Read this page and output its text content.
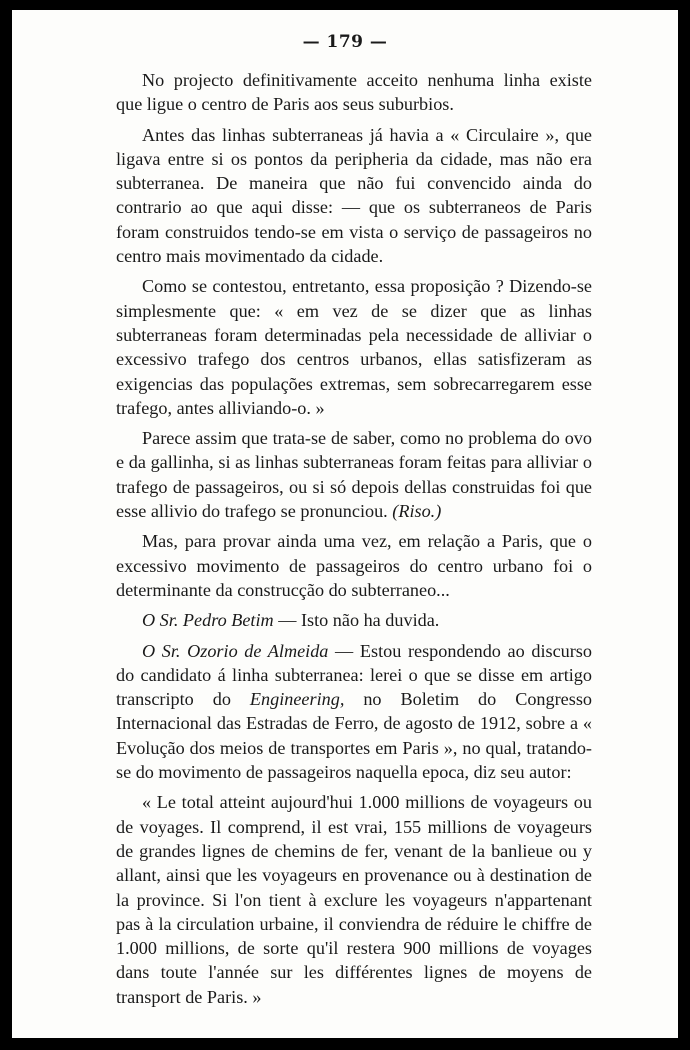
— 179 —

No projecto definitivamente acceito nenhuma linha existe que ligue o centro de Paris aos seus suburbios.

Antes das linhas subterraneas já havia a « Circulaire », que ligava entre si os pontos da peripheria da cidade, mas não era subterranea. De maneira que não fui convencido ainda do contrario ao que aqui disse: — que os subterraneos de Paris foram construidos tendo-se em vista o serviço de passageiros no centro mais movimentado da cidade.

Como se contestou, entretanto, essa proposição ? Dizendo-se simplesmente que: « em vez de se dizer que as linhas subterraneas foram determinadas pela necessidade de alliviar o excessivo trafego dos centros urbanos, ellas satisfizeram as exigencias das populações extremas, sem sobrecarregarem esse trafego, antes alliviando-o. »

Parece assim que trata-se de saber, como no problema do ovo e da gallinha, si as linhas subterraneas foram feitas para alliviar o trafego de passageiros, ou si só depois dellas construidas foi que esse allivio do trafego se pronunciou. (Riso.)

Mas, para provar ainda uma vez, em relação a Paris, que o excessivo movimento de passageiros do centro urbano foi o determinante da construcção do subterraneo...

O Sr. Pedro Betim — Isto não ha duvida.

O Sr. Ozorio de Almeida — Estou respondendo ao discurso do candidato á linha subterranea: lerei o que se disse em artigo transcripto do Engineering, no Boletim do Congresso Internacional das Estradas de Ferro, de agosto de 1912, sobre a « Evolução dos meios de transportes em Paris », no qual, tratando-se do movimento de passageiros naquella epoca, diz seu autor:

« Le total atteint aujourd'hui 1.000 millions de voyageurs ou de voyages. Il comprend, il est vrai, 155 millions de voyageurs de grandes lignes de chemins de fer, venant de la banlieue ou y allant, ainsi que les voyageurs en provenance ou à destination de la province. Si l'on tient à exclure les voyageurs n'appartenant pas à la circulation urbaine, il conviendra de réduire le chiffre de 1.000 millions, de sorte qu'il restera 900 millions de voyages dans toute l'année sur les différentes lignes de moyens de transport de Paris. »
